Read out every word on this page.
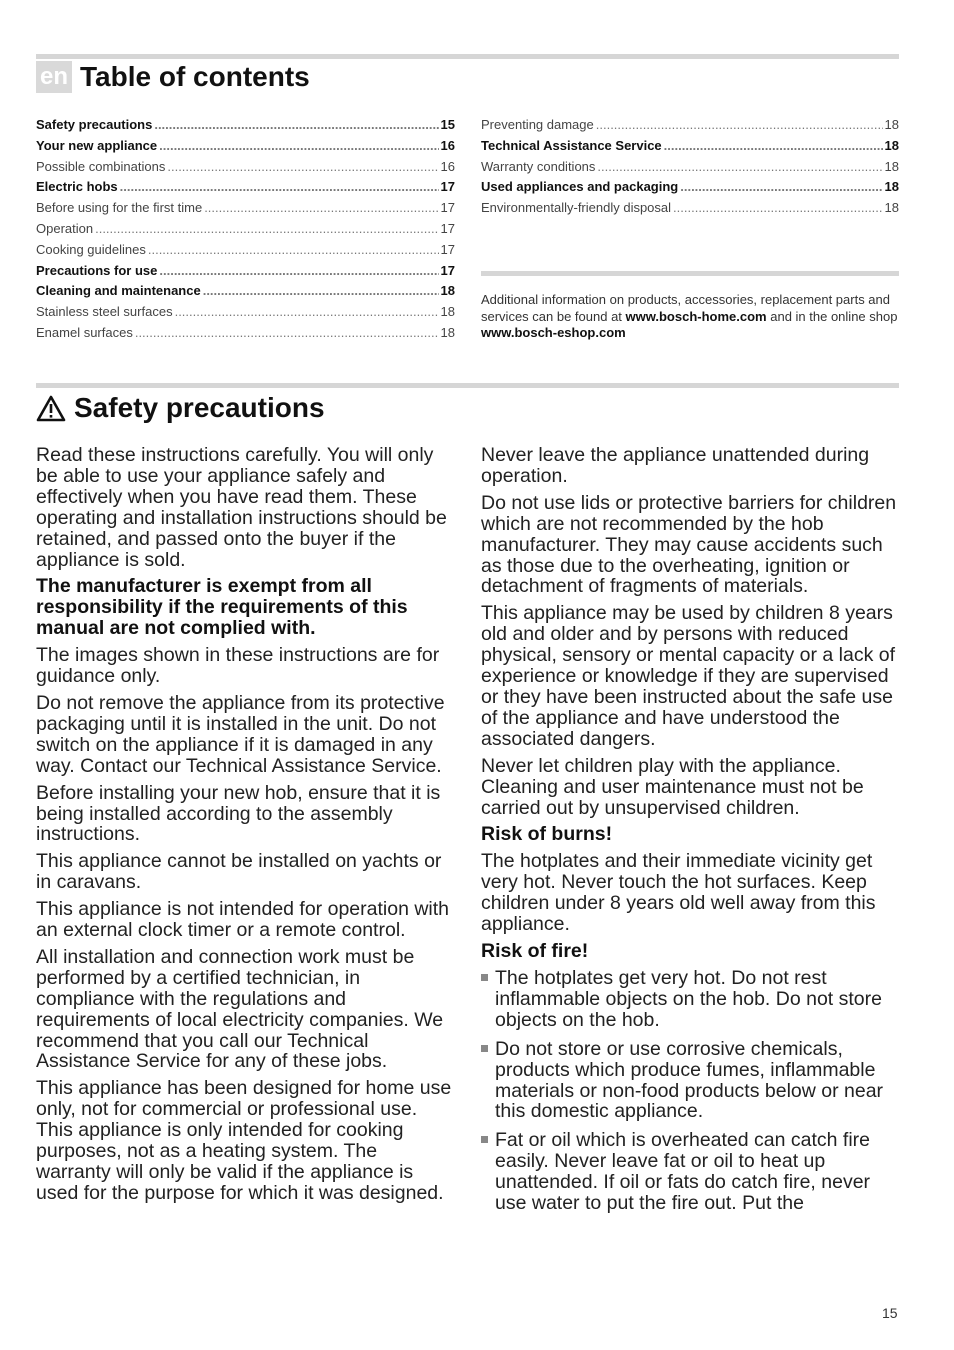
en Table of contents
Safety precautions .....	15
Your new appliance .....	16
Possible combinations .....	16
Electric hobs .....	17
Before using for the first time .....	17
Operation .....	17
Cooking guidelines .....	17
Precautions for use .....	17
Cleaning and maintenance .....	18
Stainless steel surfaces .....	18
Enamel surfaces .....	18
Preventing damage .....	18
Technical Assistance Service .....	18
Warranty conditions .....	18
Used appliances and packaging .....	18
Environmentally-friendly disposal .....	18
Additional information on products, accessories, replacement parts and services can be found at www.bosch-home.com and in the online shop www.bosch-eshop.com
Safety precautions

Read these instructions carefully. You will only be able to use your appliance safely and effectively when you have read them. These operating and installation instructions should be retained, and passed onto the buyer if the appliance is sold.

The manufacturer is exempt from all responsibility if the requirements of this manual are not complied with.

The images shown in these instructions are for guidance only.

Do not remove the appliance from its protective packaging until it is installed in the unit. Do not switch on the appliance if it is damaged in any way. Contact our Technical Assistance Service.

Before installing your new hob, ensure that it is being installed according to the assembly instructions.

This appliance cannot be installed on yachts or in caravans.

This appliance is not intended for operation with an external clock timer or a remote control.

All installation and connection work must be performed by a certified technician, in compliance with the regulations and requirements of local electricity companies. We recommend that you call our Technical Assistance Service for any of these jobs.

This appliance has been designed for home use only, not for commercial or professional use. This appliance is only intended for cooking purposes, not as a heating system. The warranty will only be valid if the appliance is used for the purpose for which it was designed.

Never leave the appliance unattended during operation.

Do not use lids or protective barriers for children which are not recommended by the hob manufacturer. They may cause accidents such as those due to the overheating, ignition or detachment of fragments of materials.

This appliance may be used by children 8 years old and older and by persons with reduced physical, sensory or mental capacity or a lack of experience or knowledge if they are supervised or they have been instructed about the safe use of the appliance and have understood the associated dangers.

Never let children play with the appliance. Cleaning and user maintenance must not be carried out by unsupervised children.

Risk of burns!

The hotplates and their immediate vicinity get very hot. Never touch the hot surfaces. Keep children under 8 years old well away from this appliance.

Risk of fire!
The hotplates get very hot. Do not rest inflammable objects on the hob. Do not store objects on the hob.
Do not store or use corrosive chemicals, products which produce fumes, inflammable materials or non-food products below or near this domestic appliance.
Fat or oil which is overheated can catch fire easily. Never leave fat or oil to heat up unattended. If oil or fats do catch fire, never use water to put the fire out. Put the
15
